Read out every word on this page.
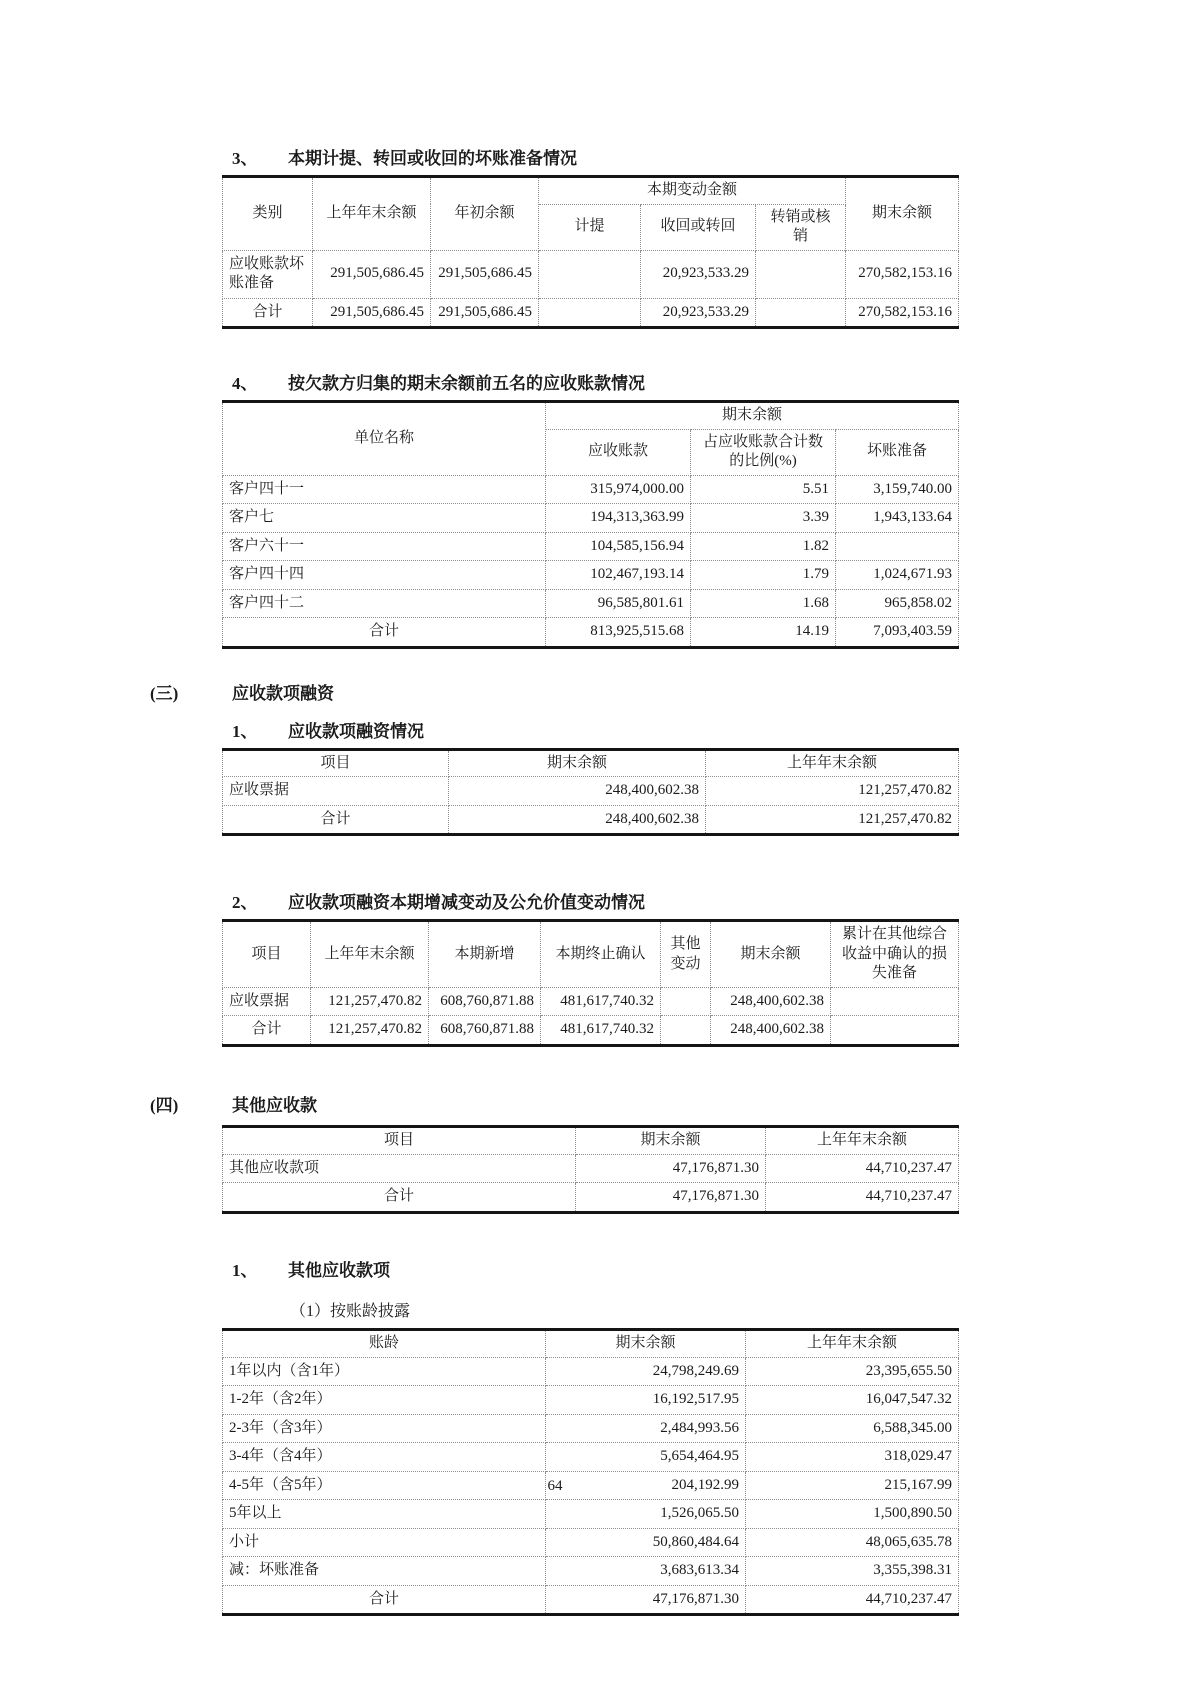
3、	本期计提、转回或收回的坏账准备情况
类别	上年年末余额	年初余额	本期变动金额			期末余额
			计提	收回或转回	转销或核销	
应收账款坏账准备	291,505,686.45	291,505,686.45		20,923,533.29		270,582,153.16
合计	291,505,686.45	291,505,686.45		20,923,533.29		270,582,153.16
4、	按欠款方归集的期末余额前五名的应收账款情况
单位名称	期末余额		
	应收账款	占应收账款合计数的比例(%)	坏账准备
客户四十一	315,974,000.00	5.51	3,159,740.00
客户七	194,313,363.99	3.39	1,943,133.64
客户六十一	104,585,156.94	1.82	
客户四十四	102,467,193.14	1.79	1,024,671.93
客户四十二	96,585,801.61	1.68	965,858.02
合计	813,925,515.68	14.19	7,093,403.59
(三)	应收款项融资
1、	应收款项融资情况
项目	期末余额	上年年末余额
应收票据	248,400,602.38	121,257,470.82
合计	248,400,602.38	121,257,470.82
2、	应收款项融资本期增减变动及公允价值变动情况
项目	上年年末余额	本期新增	本期终止确认	其他变动	期末余额	累计在其他综合收益中确认的损失准备
应收票据	121,257,470.82	608,760,871.88	481,617,740.32		248,400,602.38	
合计	121,257,470.82	608,760,871.88	481,617,740.32		248,400,602.38	
(四)	其他应收款
项目	期末余额	上年年末余额
其他应收款项	47,176,871.30	44,710,237.47
合计	47,176,871.30	44,710,237.47
1、	其他应收款项
（1）按账龄披露
账龄	期末余额	上年年末余额
1年以内（含1年）	24,798,249.69	23,395,655.50
1-2年（含2年）	16,192,517.95	16,047,547.32
2-3年（含3年）	2,484,993.56	6,588,345.00
3-4年（含4年）	5,654,464.95	318,029.47
4-5年（含5年）	204,192.99	215,167.99
5年以上	1,526,065.50	1,500,890.50
小计	50,860,484.64	48,065,635.78
减：坏账准备	3,683,613.34	3,355,398.31
合计	47,176,871.30	44,710,237.47
64
